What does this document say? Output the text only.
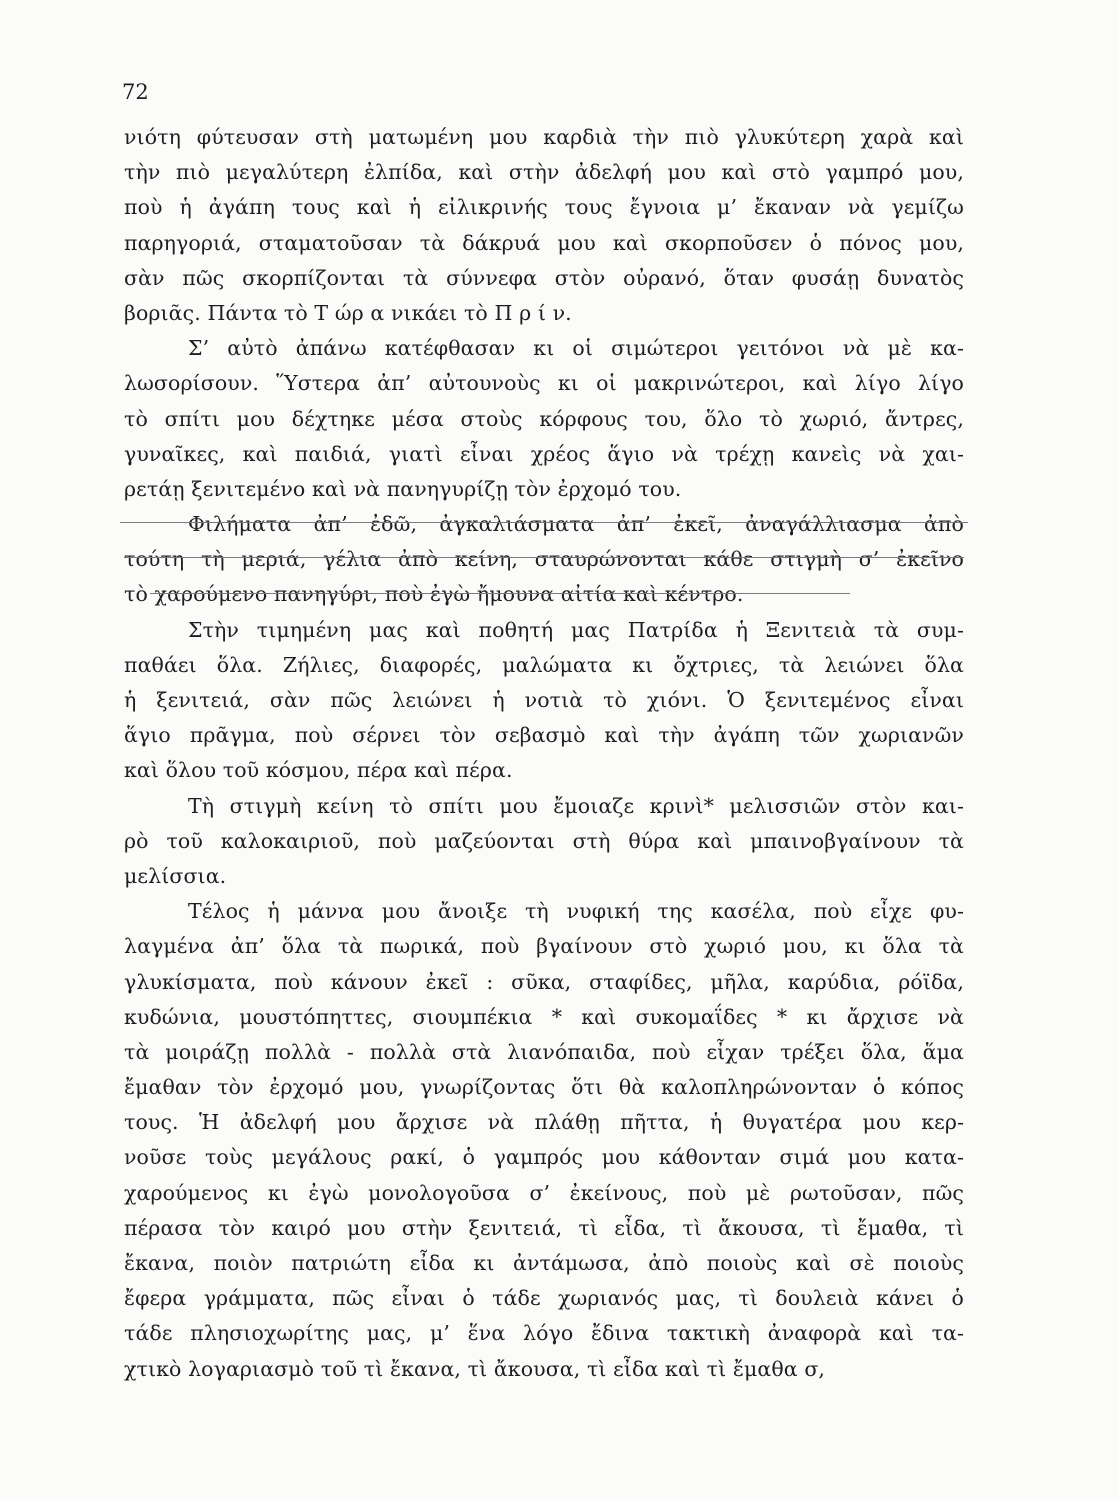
72
νιότη φύτευσαν στὴ ματωμένη μου καρδιὰ τὴν πιὸ γλυκύτερη χαρὰ καὶ
τὴν πιὸ μεγαλύτερη ἐλπίδα, καὶ στὴν ἀδελφή μου καὶ στὸ γαμπρό μου,
ποὺ ἡ ἀγάπη τους καὶ ἡ εἰλικρινής τους ἔγνοια μ’ ἔκαναν νὰ γεμίζω
παρηγοριά, σταματοῦσαν τὰ δάκρυά μου καὶ σκορποῦσεν ὁ πόνος μου,
σὰν πῶς σκορπίζονται τὰ σύννεφα στὸν οὐρανό, ὅταν φυσάῃ δυνατὸς
βοριᾶς. Πάντα τὸ Τ ώρ α νικάει τὸ Π ρ ί ν.
Σ’ αὐτὸ ἀπάνω κατέφθασαν κι οἱ σιμώτεροι γειτόνοι νὰ μὲ κα-
λωσορίσουν. Ὕστερα ἀπ’ αὐτουνοὺς κι οἱ μακρινώτεροι, καὶ λίγο λίγο
τὸ σπίτι μου δέχτηκε μέσα στοὺς κόρφους του, ὅλο τὸ χωριό, ἄντρες,
γυναῖκες, καὶ παιδιά, γιατὶ εἶναι χρέος ἅγιο νὰ τρέχῃ κανεὶς νὰ χαι-
ρετάῃ ξενιτεμένο καὶ νὰ πανηγυρίζῃ τὸν ἐρχομό του.
Φιλήματα ἀπ’ ἐδῶ, ἀγκαλιάσματα ἀπ’ ἐκεῖ, ἀναγάλλιασμα ἀπὸ
τούτη τὴ μεριά, γέλια ἀπὸ κείνη, σταυρώνονται κάθε στιγμὴ σ’ ἐκεῖνο
τὸ χαρούμενο πανηγύρι, ποὺ ἐγὼ ἤμουνα αἰτία καὶ κέντρο.
Στὴν τιμημένη μας καὶ ποθητή μας Πατρίδα ἡ Ξενιτειὰ τὰ συμ-
παθάει ὅλα. Ζήλιες, διαφορές, μαλώματα κι ὄχτριες, τὰ λειώνει ὅλα
ἡ ξενιτειά, σὰν πῶς λειώνει ἡ νοτιὰ τὸ χιόνι. Ὁ ξενιτεμένος εἶναι
ἅγιο πρᾶγμα, ποὺ σέρνει τὸν σεβασμὸ καὶ τὴν ἀγάπη τῶν χωριανῶν
καὶ ὅλου τοῦ κόσμου, πέρα καὶ πέρα.
Τὴ στιγμὴ κείνη τὸ σπίτι μου ἔμοιαζε κρινὶ* μελισσιῶν στὸν και-
ρὸ τοῦ καλοκαιριοῦ, ποὺ μαζεύονται στὴ θύρα καὶ μπαινοβγαίνουν τὰ
μελίσσια.
Τέλος ἡ μάννα μου ἄνοιξε τὴ νυφική της κασέλα, ποὺ εἶχε φυ-
λαγμένα ἀπ’ ὅλα τὰ πωρικά, ποὺ βγαίνουν στὸ χωριό μου, κι ὅλα τὰ
γλυκίσματα, ποὺ κάνουν ἐκεῖ : σῦκα, σταφίδες, μῆλα, καρύδια, ρόϊδα,
κυδώνια, μουστόπηττες, σιουμπέκια * καὶ συκομαΐδες * κι ἄρχισε νὰ
τὰ μοιράζῃ πολλὰ - πολλὰ στὰ λιανόπαιδα, ποὺ εἶχαν τρέξει ὅλα, ἅμα
ἔμαθαν τὸν ἐρχομό μου, γνωρίζοντας ὅτι θὰ καλοπληρώνονταν ὁ κόπος
τους. Ἡ ἀδελφή μου ἄρχισε νὰ πλάθῃ πῆττα, ἡ θυγατέρα μου κερ-
νοῦσε τοὺς μεγάλους ρακί, ὁ γαμπρός μου κάθονταν σιμά μου κατα-
χαρούμενος κι ἐγὼ μονολογοῦσα σ’ ἐκείνους, ποὺ μὲ ρωτοῦσαν, πῶς
πέρασα τὸν καιρό μου στὴν ξενιτειά, τὶ εἶδα, τὶ ἄκουσα, τὶ ἔμαθα, τὶ
ἔκανα, ποιὸν πατριώτη εἶδα κι ἀντάμωσα, ἀπὸ ποιοὺς καὶ σὲ ποιοὺς
ἔφερα γράμματα, πῶς εἶναι ὁ τάδε χωριανός μας, τὶ δουλειὰ κάνει ὁ
τάδε πλησιοχωρίτης μας, μ’ ἕνα λόγο ἔδινα τακτικὴ ἀναφορὰ καὶ τα-
χτικὸ λογαριασμὸ τοῦ τὶ ἔκανα, τὶ ἄκουσα, τὶ εἶδα καὶ τὶ ἔμαθα σ,
